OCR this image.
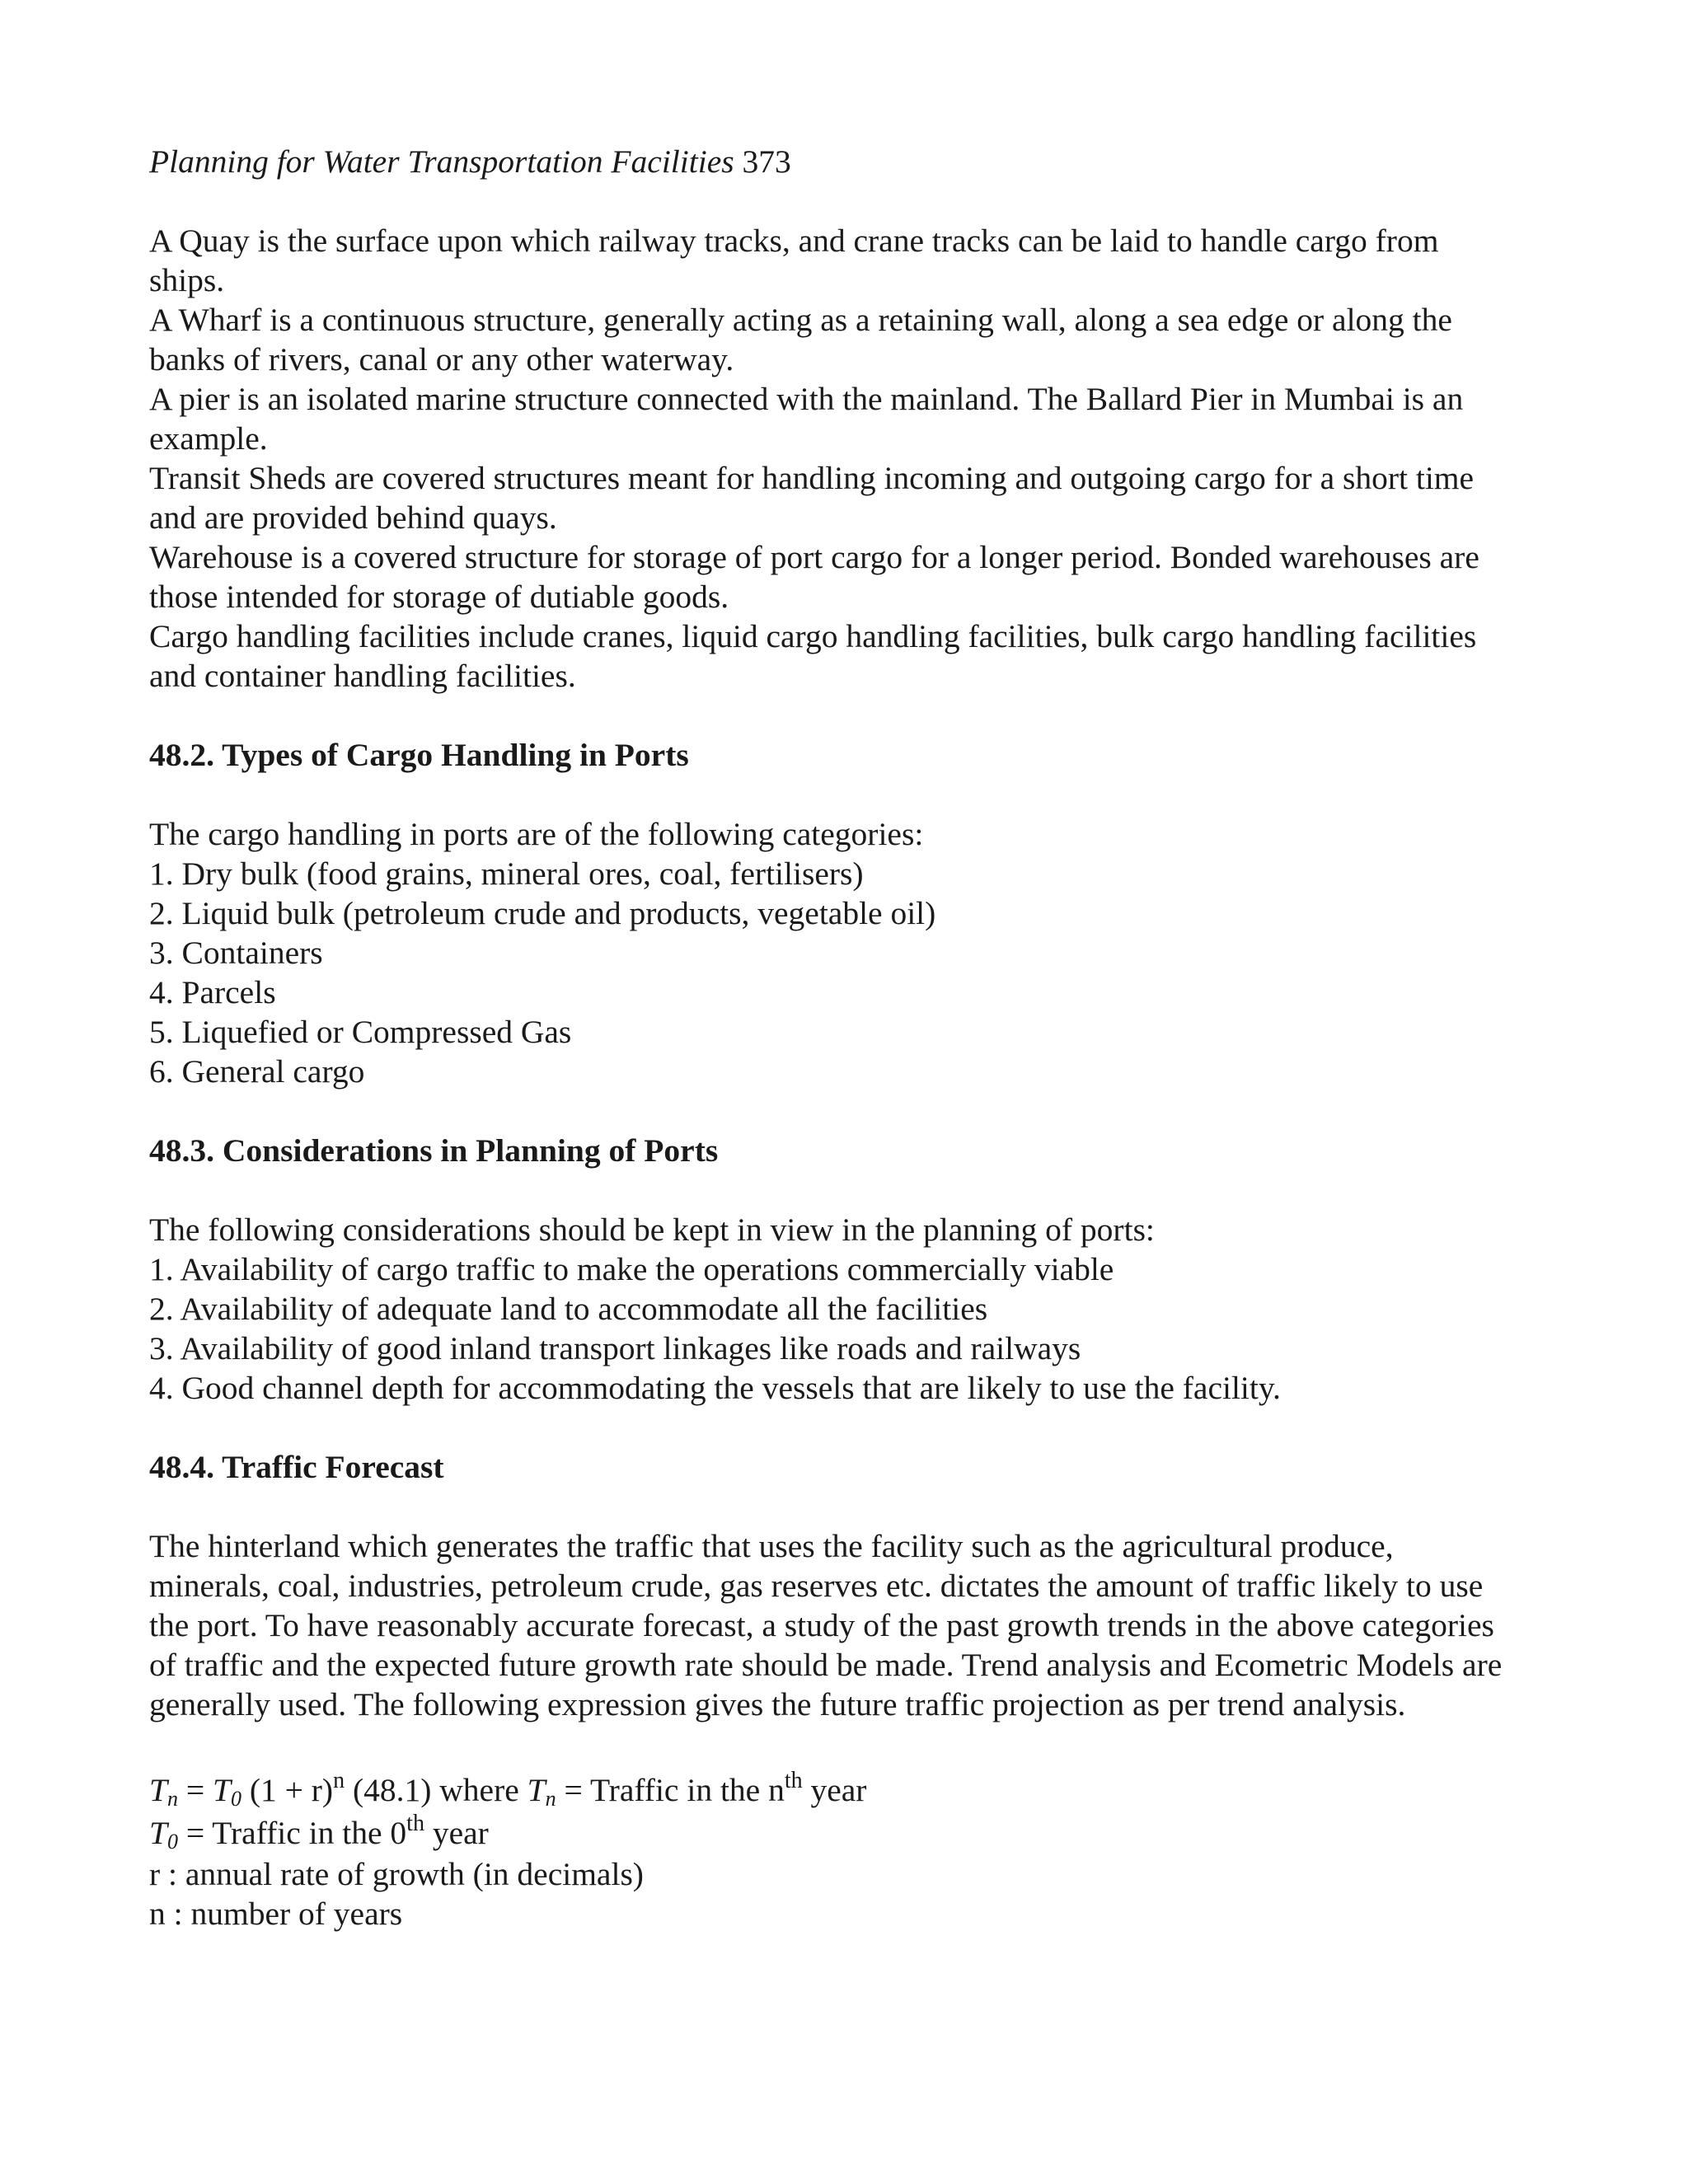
Planning for Water Transportation Facilities 373
A Quay is the surface upon which railway tracks, and crane tracks can be laid to handle cargo from
ships.
A Wharf is a continuous structure, generally acting as a retaining wall, along a sea edge or along the
banks of rivers, canal or any other waterway.
A pier is an isolated marine structure connected with the mainland. The Ballard Pier in Mumbai is an
example.
Transit Sheds are covered structures meant for handling incoming and outgoing cargo for a short time
and are provided behind quays.
Warehouse is a covered structure for storage of port cargo for a longer period. Bonded warehouses are
those intended for storage of dutiable goods.
Cargo handling facilities include cranes, liquid cargo handling facilities, bulk cargo handling facilities
and container handling facilities.
48.2. Types of Cargo Handling in Ports
The cargo handling in ports are of the following categories:
1. Dry bulk (food grains, mineral ores, coal, fertilisers)
2. Liquid bulk (petroleum crude and products, vegetable oil)
3. Containers
4. Parcels
5. Liquefied or Compressed Gas
6. General cargo
48.3. Considerations in Planning of Ports
The following considerations should be kept in view in the planning of ports:
1. Availability of cargo traffic to make the operations commercially viable
2. Availability of adequate land to accommodate all the facilities
3. Availability of good inland transport linkages like roads and railways
4. Good channel depth for accommodating the vessels that are likely to use the facility.
48.4. Traffic Forecast
The hinterland which generates the traffic that uses the facility such as the agricultural produce,
minerals, coal, industries, petroleum crude, gas reserves etc. dictates the amount of traffic likely to use
the port. To have reasonably accurate forecast, a study of the past growth trends in the above categories
of traffic and the expected future growth rate should be made. Trend analysis and Ecometric Models are
generally used. The following expression gives the future traffic projection as per trend analysis.
$T_n = T_0$ $(1 + r)^n$ (48.1) where $T_n$ = Traffic in the $n^{th}$ year
$T_0$ = Traffic in the 0th year
r : annual rate of growth (in decimals)
n : number of years
